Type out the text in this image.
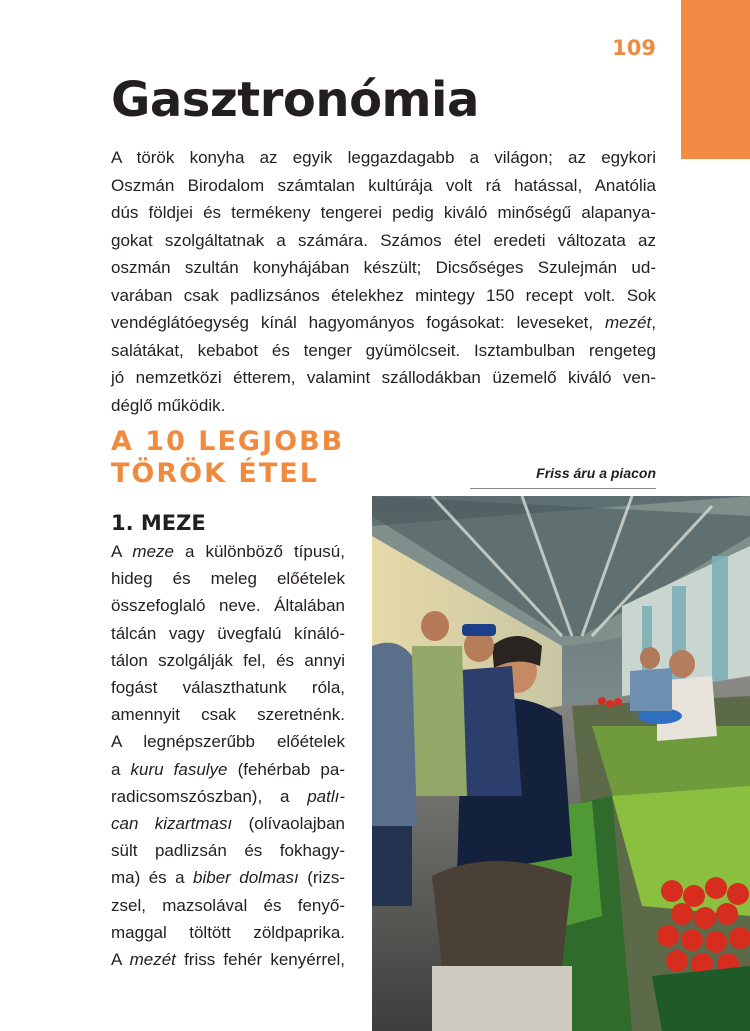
109
Gasztronómia
A török konyha az egyik leggazdagabb a világon; az egykori
Oszmán Birodalom számtalan kultúrája volt rá hatással, Anatólia
dús földjei és termékeny tengerei pedig kiváló minőségű alapanya-
gokat szolgáltatnak a számára. Számos étel eredeti változata az
oszmán szultán konyhájában készült; Dicsőséges Szulejmán ud-
varában csak padlizsános ételekhez mintegy 150 recept volt. Sok
vendéglátóegység kínál hagyományos fogásokat: leveseket, mezét,
salátákat, kebabot és tenger gyümölcseit. Isztambulban rengeteg
jó nemzetközi étterem, valamint szállodákban üzemelő kiváló ven-
déglő működik.
A 10 LEGJOBB
TÖRÖK ÉTEL	Friss áru a piacon
1. MEZE
A meze a különböző típusú,
hideg és meleg előételek
összefoglaló neve. Általában
tálcán vagy üvegfalú kínáló-
tálon szolgálják fel, és annyi
fogást választhatunk róla,
amennyit csak szeretnénk.
A legnépszerűbb előételek
a kuru fasulye (fehérbab pa-
radicsomszószban), a patlı-
can kizartması (olívaolajban
sült padlizsán és fokhagy-
ma) és a biber dolması (rizs-
zsel, mazsolával és fenyő-
maggal töltött zöldpaprika.
A mezét friss fehér kenyérrel,
